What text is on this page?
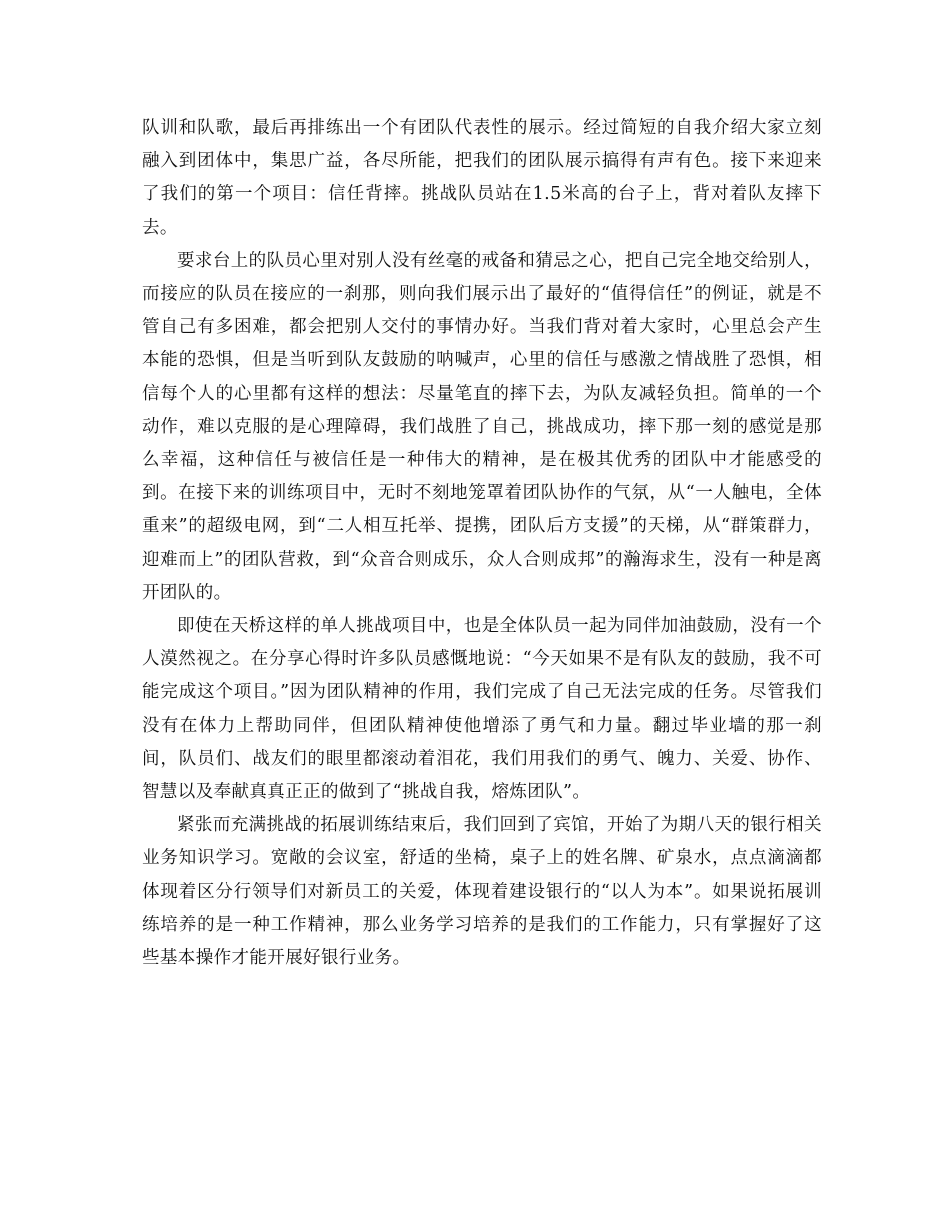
队训和队歌，最后再排练出一个有团队代表性的展示。经过简短的自我介绍大家立刻融入到团体中，集思广益，各尽所能，把我们的团队展示搞得有声有色。接下来迎来了我们的第一个项目：信任背摔。挑战队员站在1.5米高的台子上，背对着队友摔下去。

要求台上的队员心里对别人没有丝毫的戒备和猜忌之心，把自己完全地交给别人，而接应的队员在接应的一刹那，则向我们展示出了最好的“值得信任”的例证，就是不管自己有多困难，都会把别人交付的事情办好。当我们背对着大家时，心里总会产生本能的恐惧，但是当听到队友鼓励的呐喊声，心里的信任与感激之情战胜了恐惧，相信每个人的心里都有这样的想法：尽量笔直的摔下去，为队友减轻负担。简单的一个动作，难以克服的是心理障碍，我们战胜了自己，挑战成功，摔下那一刻的感觉是那么幸福，这种信任与被信任是一种伟大的精神，是在极其优秀的团队中才能感受的到。在接下来的训练项目中，无时不刻地笼罩着团队协作的气氛，从“一人触电，全体重来”的超级电网，到“二人相互托举、提携，团队后方支援”的天梯，从“群策群力，迎难而上”的团队营救，到“众音合则成乐，众人合则成邦”的瀚海求生，没有一种是离开团队的。

即使在天桥这样的单人挑战项目中，也是全体队员一起为同伴加油鼓励，没有一个人漠然视之。在分享心得时许多队员感慨地说：“今天如果不是有队友的鼓励，我不可能完成这个项目。”因为团队精神的作用，我们完成了自己无法完成的任务。尽管我们没有在体力上帮助同伴，但团队精神使他增添了勇气和力量。翻过毕业墙的那一刹间，队员们、战友们的眼里都滚动着泪花，我们用我们的勇气、魄力、关爱、协作、智慧以及奉献真真正正的做到了“挑战自我，熔炼团队”。

紧张而充满挑战的拓展训练结束后，我们回到了宾馆，开始了为期八天的银行相关业务知识学习。宽敞的会议室，舒适的坐椅，桌子上的姓名牌、矿泉水，点点滴滴都体现着区分行领导们对新员工的关爱，体现着建设银行的“以人为本”。如果说拓展训练培养的是一种工作精神，那么业务学习培养的是我们的工作能力，只有掌握好了这些基本操作才能开展好银行业务。
